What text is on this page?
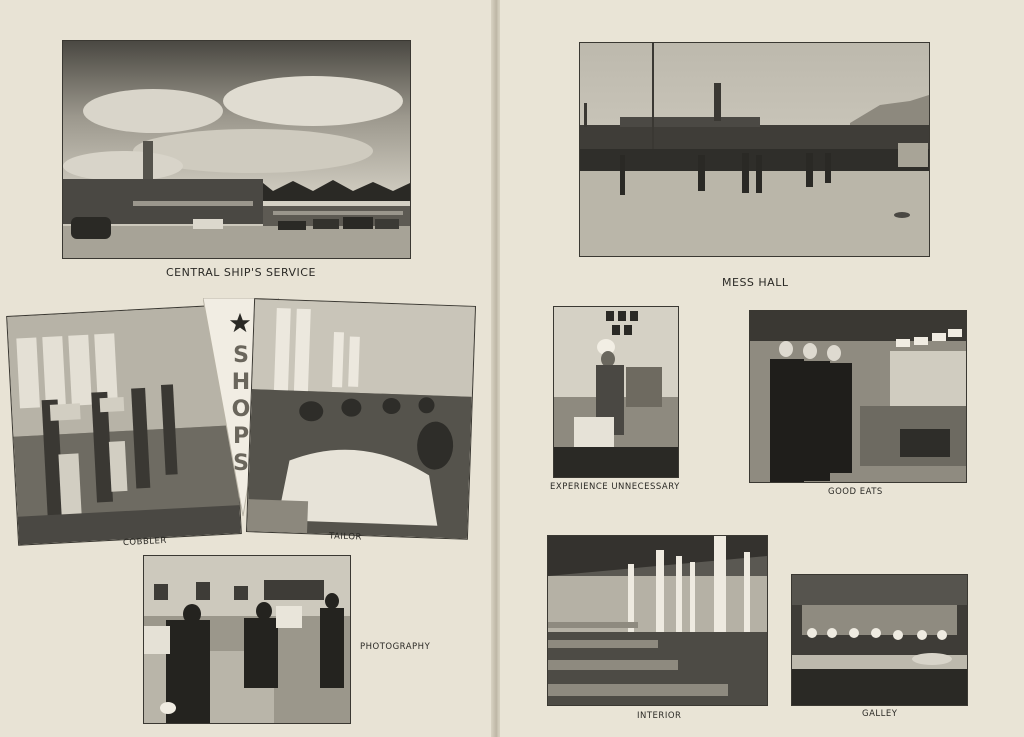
CENTRAL SHIP'S SERVICE
COBBLER
S
H
O
P
S
TAILOR
PHOTOGRAPHY
MESS HALL
EXPERIENCE UNNECESSARY	GOOD EATS
INTERIOR	GALLEY
